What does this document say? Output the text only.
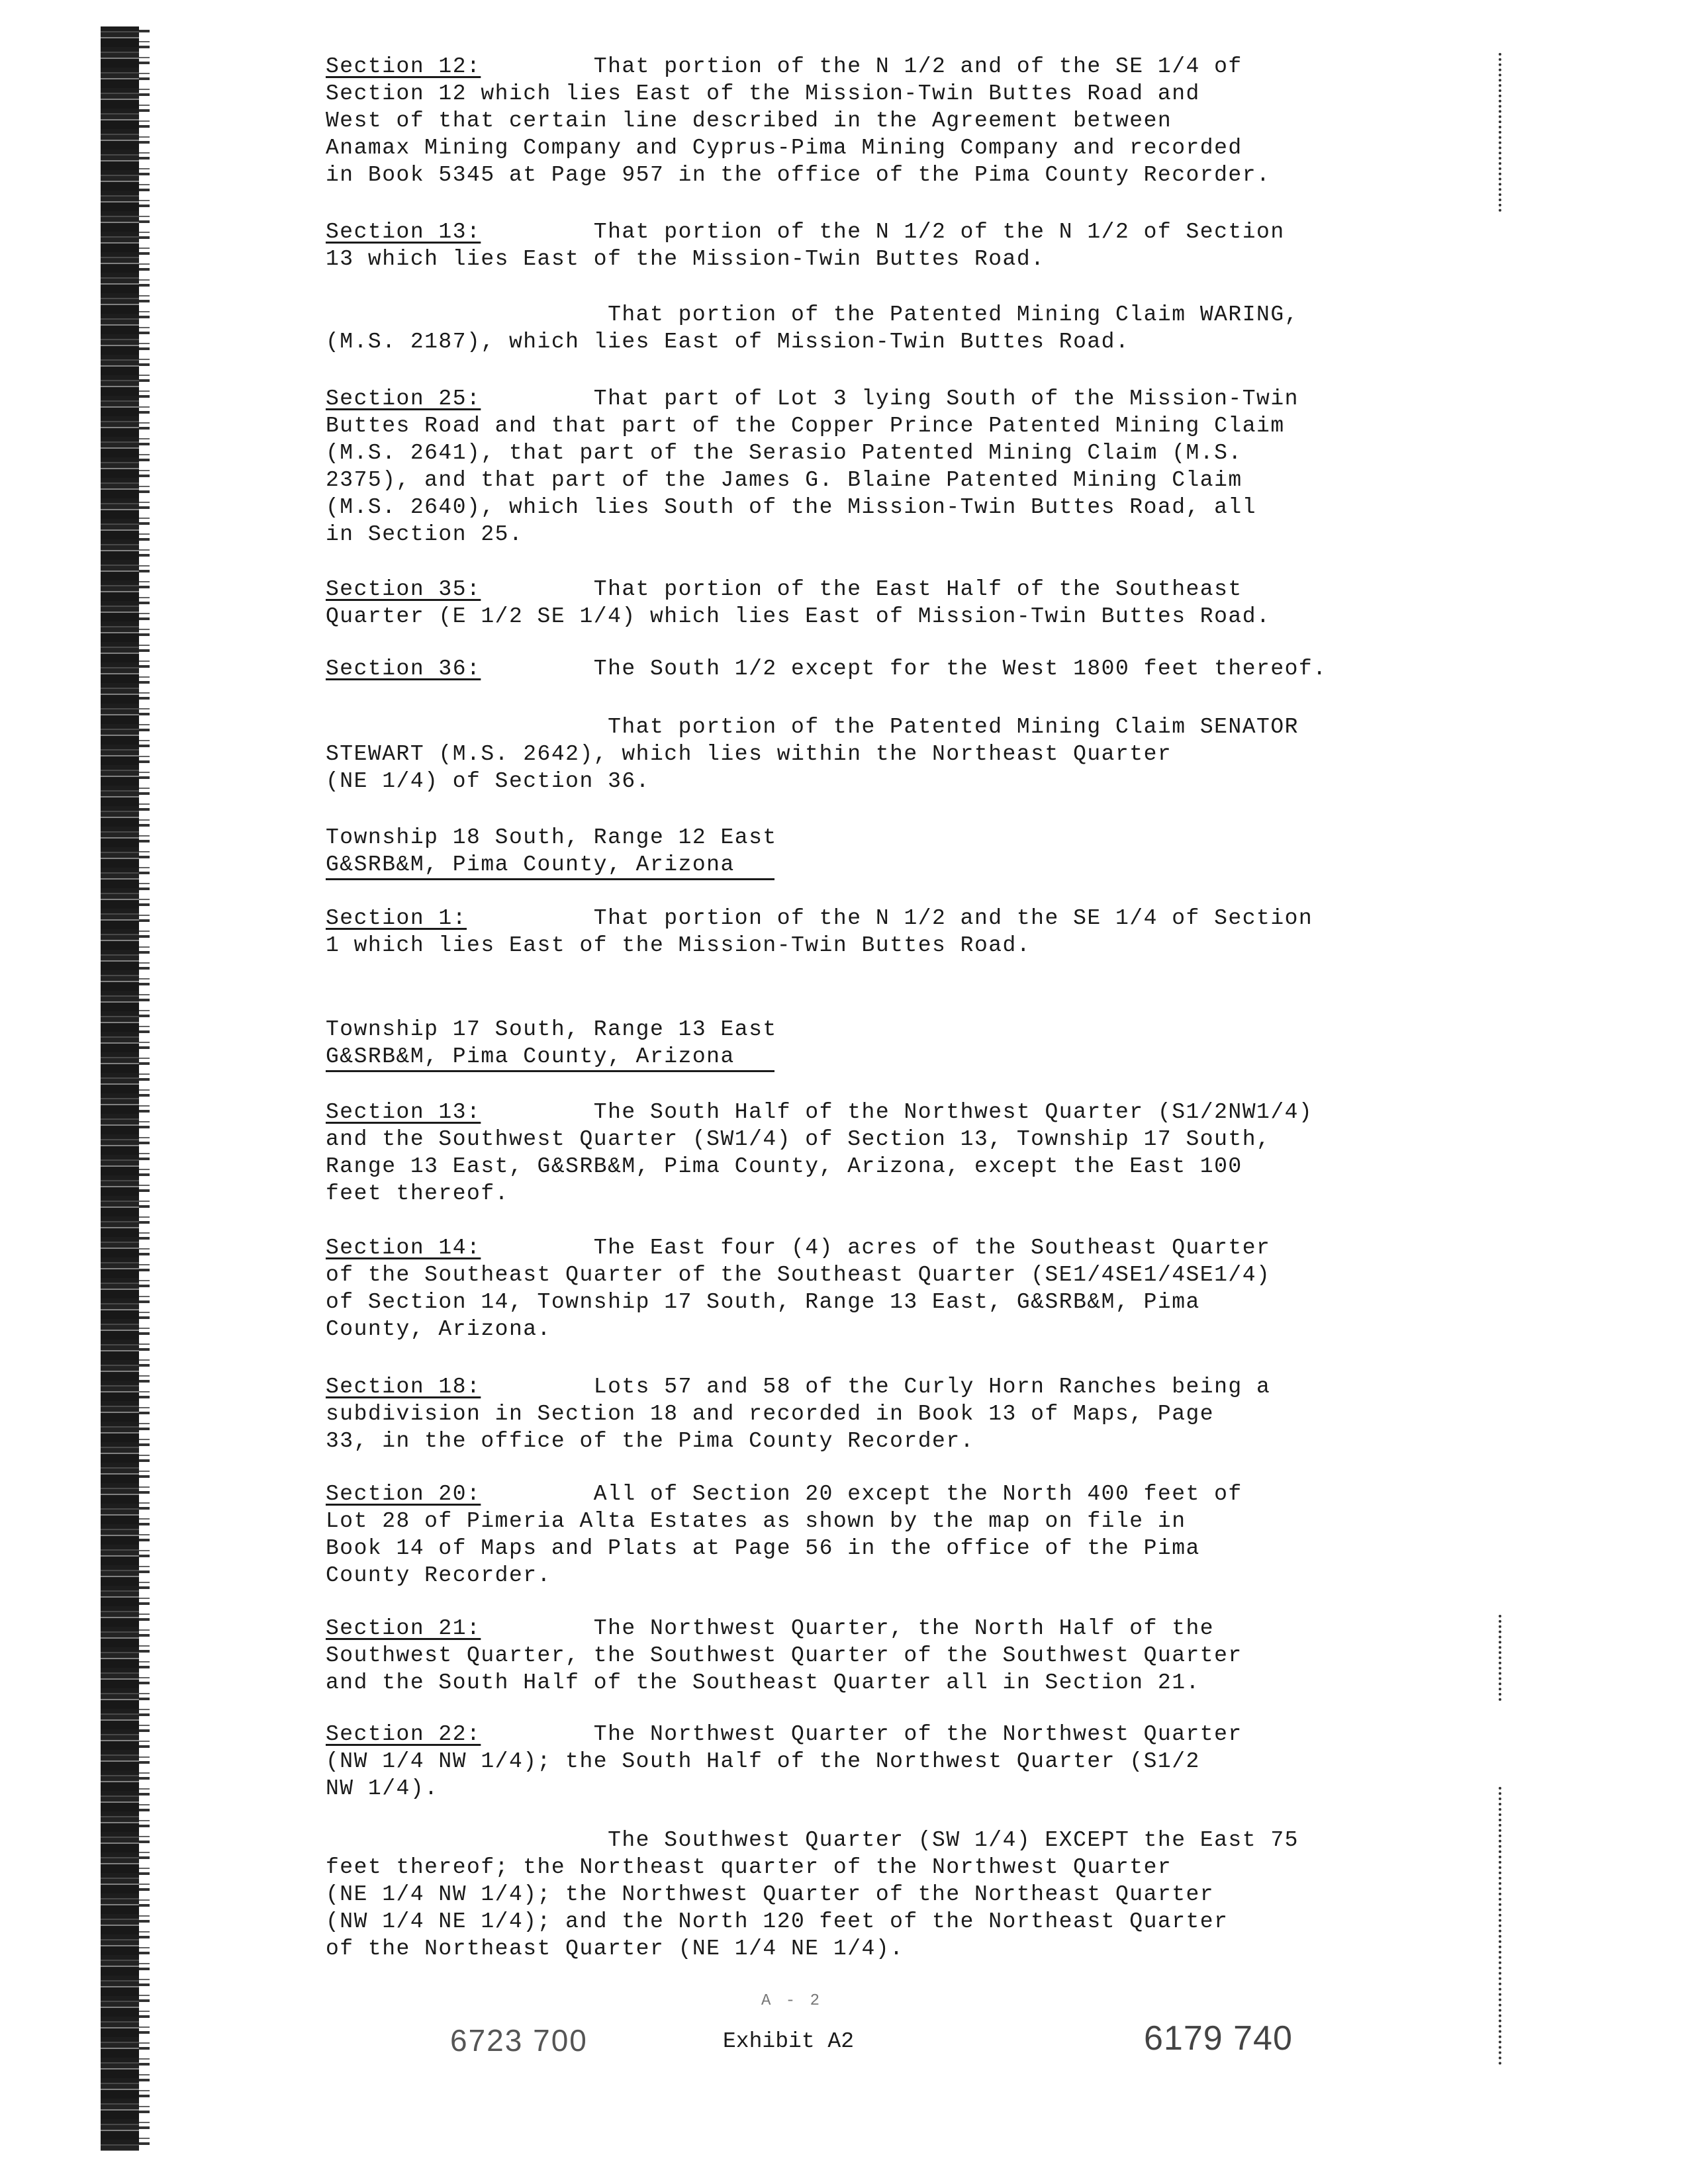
Section 12:	That portion of the N 1/2 and of the SE 1/4 of
Section 12 which lies East of the Mission-Twin Buttes Road and
West of that certain line described in the Agreement between
Anamax Mining Company and Cyprus-Pima Mining Company and recorded
in Book 5345 at Page 957 in the office of the Pima County Recorder.

Section 13:	That portion of the N 1/2 of the N 1/2 of Section
13 which lies East of the Mission-Twin Buttes Road.

That portion of the Patented Mining Claim WARING,
(M.S. 2187), which lies East of Mission-Twin Buttes Road.

Section 25:	That part of Lot 3 lying South of the Mission-Twin
Buttes Road and that part of the Copper Prince Patented Mining Claim
(M.S. 2641), that part of the Serasio Patented Mining Claim (M.S.
2375), and that part of the James G. Blaine Patented Mining Claim
(M.S. 2640), which lies South of the Mission-Twin Buttes Road, all
in Section 25.

Section 35:	That portion of the East Half of the Southeast
Quarter (E 1/2 SE 1/4) which lies East of Mission-Twin Buttes Road.

Section 36:        The South 1/2 except for the West 1800 feet thereof.

That portion of the Patented Mining Claim SENATOR
STEWART (M.S. 2642), which lies within the Northeast Quarter
(NE 1/4) of Section 36.

Township 18 South, Range 12 East
G&SRB&M, Pima County, Arizona

Section 1:	That portion of the N 1/2 and the SE 1/4 of Section
1 which lies East of the Mission-Twin Buttes Road.

Township 17 South, Range 13 East
G&SRB&M, Pima County, Arizona

Section 13:	The South Half of the Northwest Quarter (S1/2NW1/4)
and the Southwest Quarter (SW1/4) of Section 13, Township 17 South,
Range 13 East, G&SRB&M, Pima County, Arizona, except the East 100
feet thereof.

Section 14:	The East four (4) acres of the Southeast Quarter
of the Southeast Quarter of the Southeast Quarter (SE1/4SE1/4SE1/4)
of Section 14, Township 17 South, Range 13 East, G&SRB&M, Pima
County, Arizona.

Section 18:	Lots 57 and 58 of the Curly Horn Ranches being a
subdivision in Section 18 and recorded in Book 13 of Maps, Page
33, in the office of the Pima County Recorder.

Section 20:	All of Section 20 except the North 400 feet of
Lot 28 of Pimeria Alta Estates as shown by the map on file in
Book 14 of Maps and Plats at Page 56 in the office of the Pima
County Recorder.

Section 21:	The Northwest Quarter, the North Half of the
Southwest Quarter, the Southwest Quarter of the Southwest Quarter
and the South Half of the Southeast Quarter all in Section 21.

Section 22:	The Northwest Quarter of the Northwest Quarter
(NW 1/4 NW 1/4); the South Half of the Northwest Quarter (S1/2
NW 1/4).

The Southwest Quarter (SW 1/4) EXCEPT the East 75
feet thereof; the Northeast quarter of the Northwest Quarter
(NE 1/4 NW 1/4); the Northwest Quarter of the Northeast Quarter
(NW 1/4 NE 1/4); and the North 120 feet of the Northeast Quarter
of the Northeast Quarter (NE 1/4 NE 1/4).

A - 2
6723 700	Exhibit A2	6179 740
